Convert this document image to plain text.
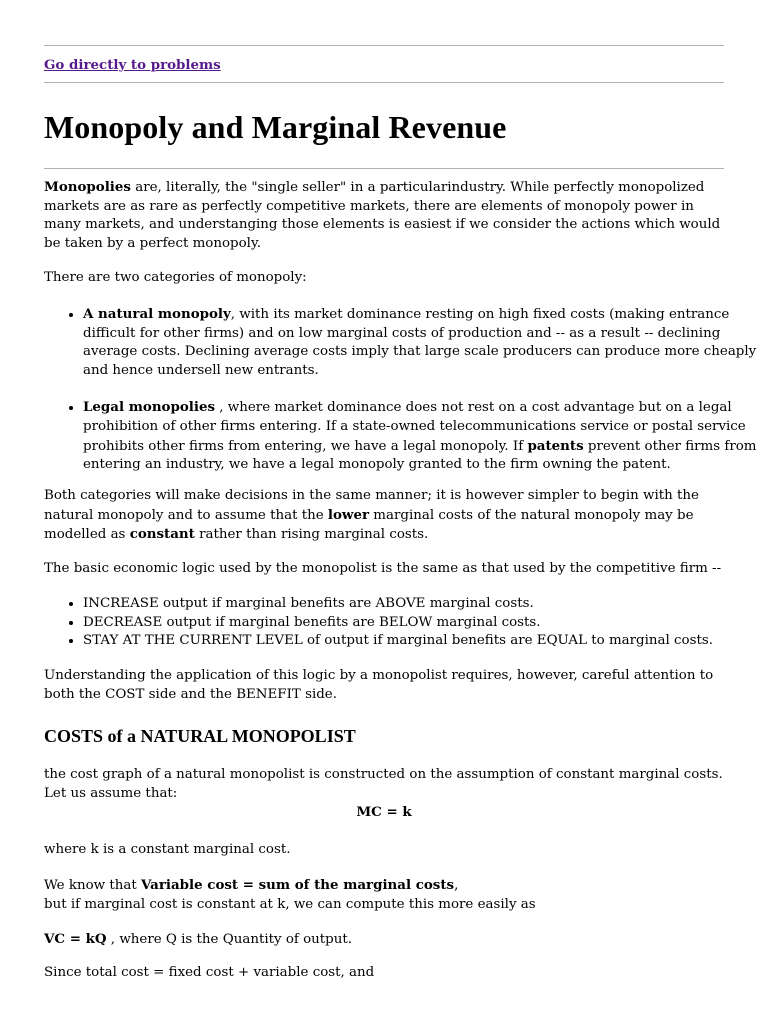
Go directly to problems
Monopoly and Marginal Revenue

Monopolies are, literally, the "single seller" in a particularindustry. While perfectly monopolized markets are as rare as perfectly competitive markets, there are elements of monopoly power in many markets, and understanging those elements is easiest if we consider the actions which would be taken by a perfect monopoly.

There are two categories of monopoly:

• A natural monopoly, with its market dominance resting on high fixed costs (making entrance difficult for other firms) and on low marginal costs of production and -- as a result -- declining average costs. Declining average costs imply that large scale producers can produce more cheaply and hence undersell new entrants.
• Legal monopolies , where market dominance does not rest on a cost advantage but on a legal prohibition of other firms entering. If a state-owned telecommunications service or postal service prohibits other firms from entering, we have a legal monopoly. If patents prevent other firms from entering an industry, we have a legal monopoly granted to the firm owning the patent.

Both categories will make decisions in the same manner; it is however simpler to begin with the natural monopoly and to assume that the lower marginal costs of the natural monopoly may be modelled as constant rather than rising marginal costs.

The basic economic logic used by the monopolist is the same as that used by the competitive firm --

• INCREASE output if marginal benefits are ABOVE marginal costs.
• DECREASE output if marginal benefits are BELOW marginal costs.
• STAY AT THE CURRENT LEVEL of output if marginal benefits are EQUAL to marginal costs.

Understanding the application of this logic by a monopolist requires, however, careful attention to both the COST side and the BENEFIT side.

COSTS of a NATURAL MONOPOLIST

the cost graph of a natural monopolist is constructed on the assumption of constant marginal costs.
Let us assume that:

MC = k

where k is a constant marginal cost.

We know that Variable cost = sum of the marginal costs,
but if marginal cost is constant at k, we can compute this more easily as

VC = kQ , where Q is the Quantity of output.

Since total cost = fixed cost + variable cost, and
